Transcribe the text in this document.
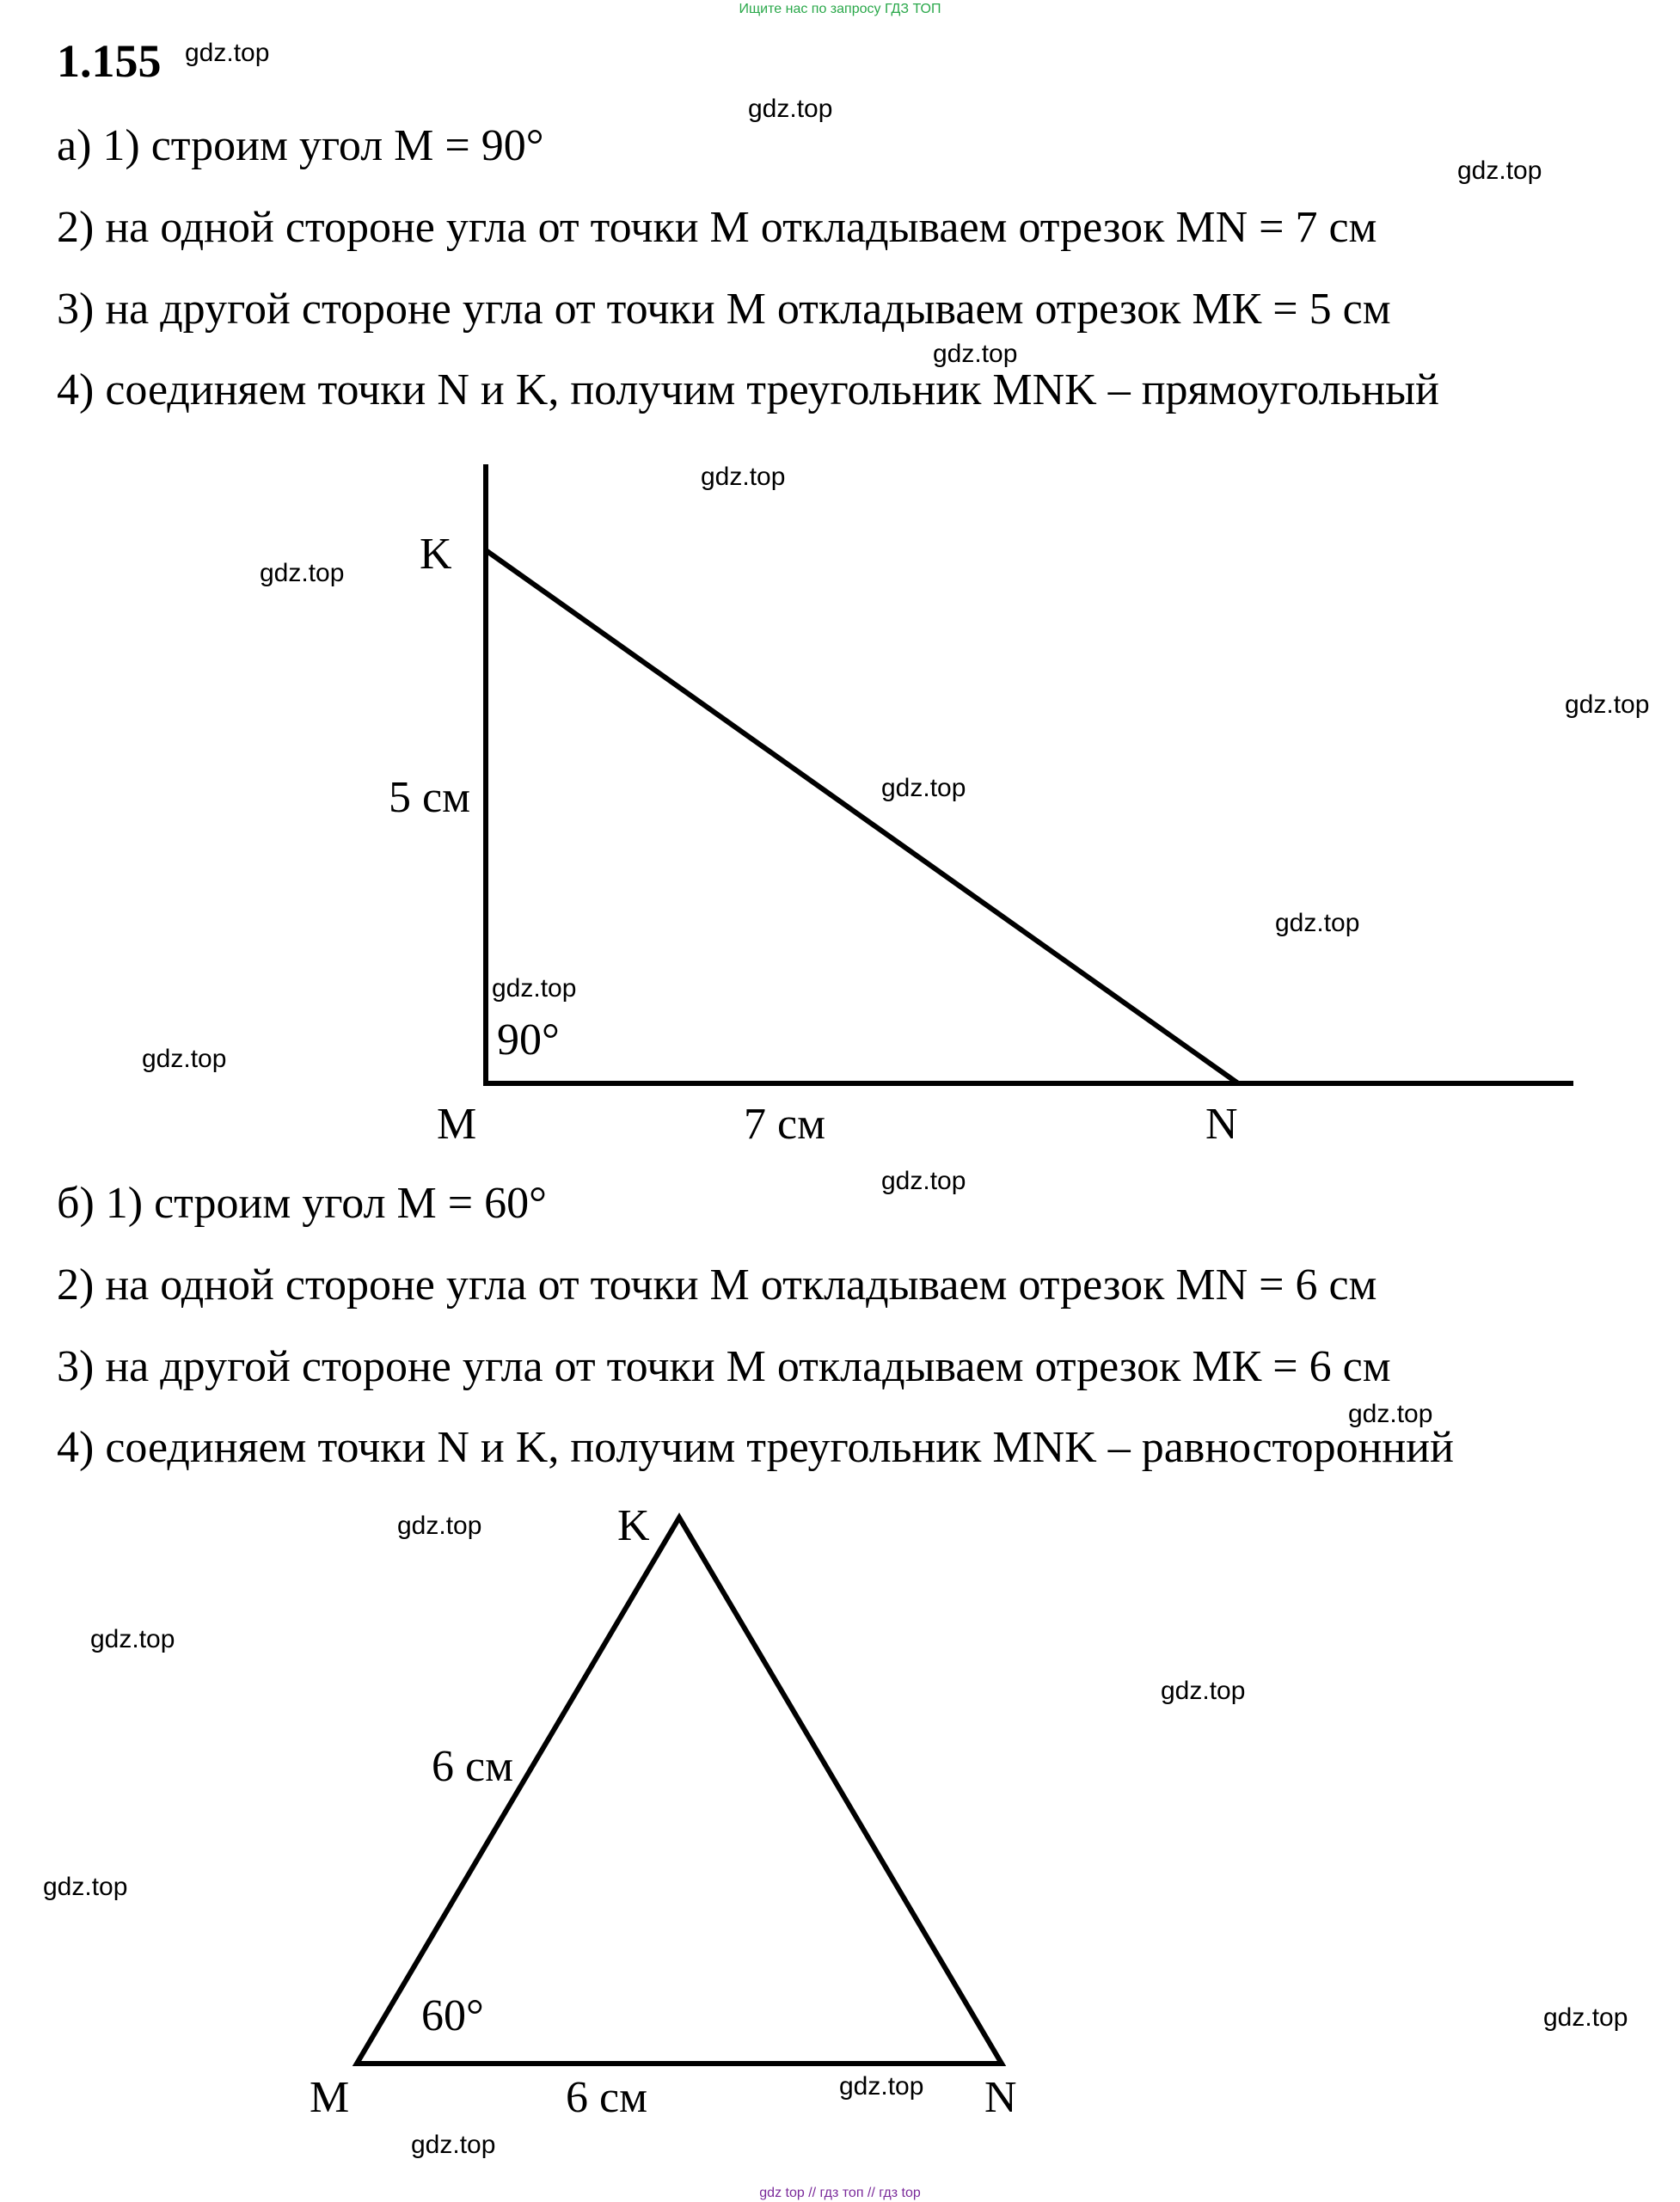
Ищите нас по запросу ГДЗ ТОП
1.155
а) 1) строим угол М = 90°
2) на одной стороне угла от точки М откладываем отрезок MN = 7 см
3) на другой стороне угла от точки М откладываем отрезок МК = 5 см
4) соединяем точки N и K, получим треугольник MNK – прямоугольный
K
5 см
90°
M	7 см	N
б) 1) строим угол М = 60°
2) на одной стороне угла от точки М откладываем отрезок MN = 6 см
3) на другой стороне угла от точки М откладываем отрезок МК = 6 см
4) соединяем точки N и K, получим треугольник MNK – равносторонний
K
6 см
60°
M	6 см	N
gdz.top
gdz.top
gdz.top
gdz.top
gdz.top
gdz.top
gdz.top
gdz.top
gdz.top
gdz.top
gdz.top
gdz.top
gdz.top
gdz.top
gdz.top
gdz.top
gdz.top
gdz.top
gdz.top
gdz.top
gdz top // гдз топ // гдз top
